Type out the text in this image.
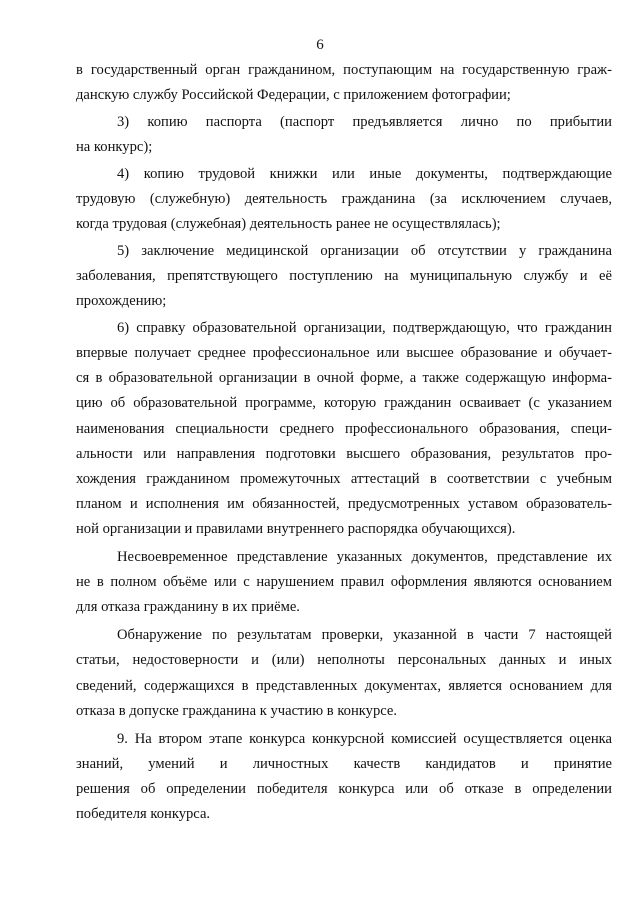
6
в государственный орган гражданином, поступающим на государственную граж-
данскую службу Российской Федерации, с приложением фотографии;
3) копию паспорта (паспорт предъявляется лично по прибытии
на конкурс);
4) копию трудовой книжки или иные документы, подтверждающие
трудовую (служебную) деятельность гражданина (за исключением случаев,
когда трудовая (служебная) деятельность ранее не осуществлялась);
5) заключение медицинской организации об отсутствии у гражданина
заболевания, препятствующего поступлению на муниципальную службу и её
прохождению;
6) справку образовательной организации, подтверждающую, что гражданин
впервые получает среднее профессиональное или высшее образование и обучает-
ся в образовательной организации в очной форме, а также содержащую информа-
цию об образовательной программе, которую гражданин осваивает (с указанием
наименования специальности среднего профессионального образования, специ-
альности или направления подготовки высшего образования, результатов про-
хождения гражданином промежуточных аттестаций в соответствии с учебным
планом и исполнения им обязанностей, предусмотренных уставом образователь-
ной организации и правилами внутреннего распорядка обучающихся).
Несвоевременное представление указанных документов, представление их
не в полном объёме или с нарушением правил оформления являются основанием
для отказа гражданину в их приёме.
Обнаружение по результатам проверки, указанной в части 7 настоящей
статьи, недостоверности и (или) неполноты персональных данных и иных
сведений, содержащихся в представленных документах, является основанием для
отказа в допуске гражданина к участию в конкурсе.
9. На втором этапе конкурса конкурсной комиссией осуществляется оценка
знаний, умений и личностных качеств кандидатов и принятие
решения об определении победителя конкурса или об отказе в определении
победителя конкурса.
